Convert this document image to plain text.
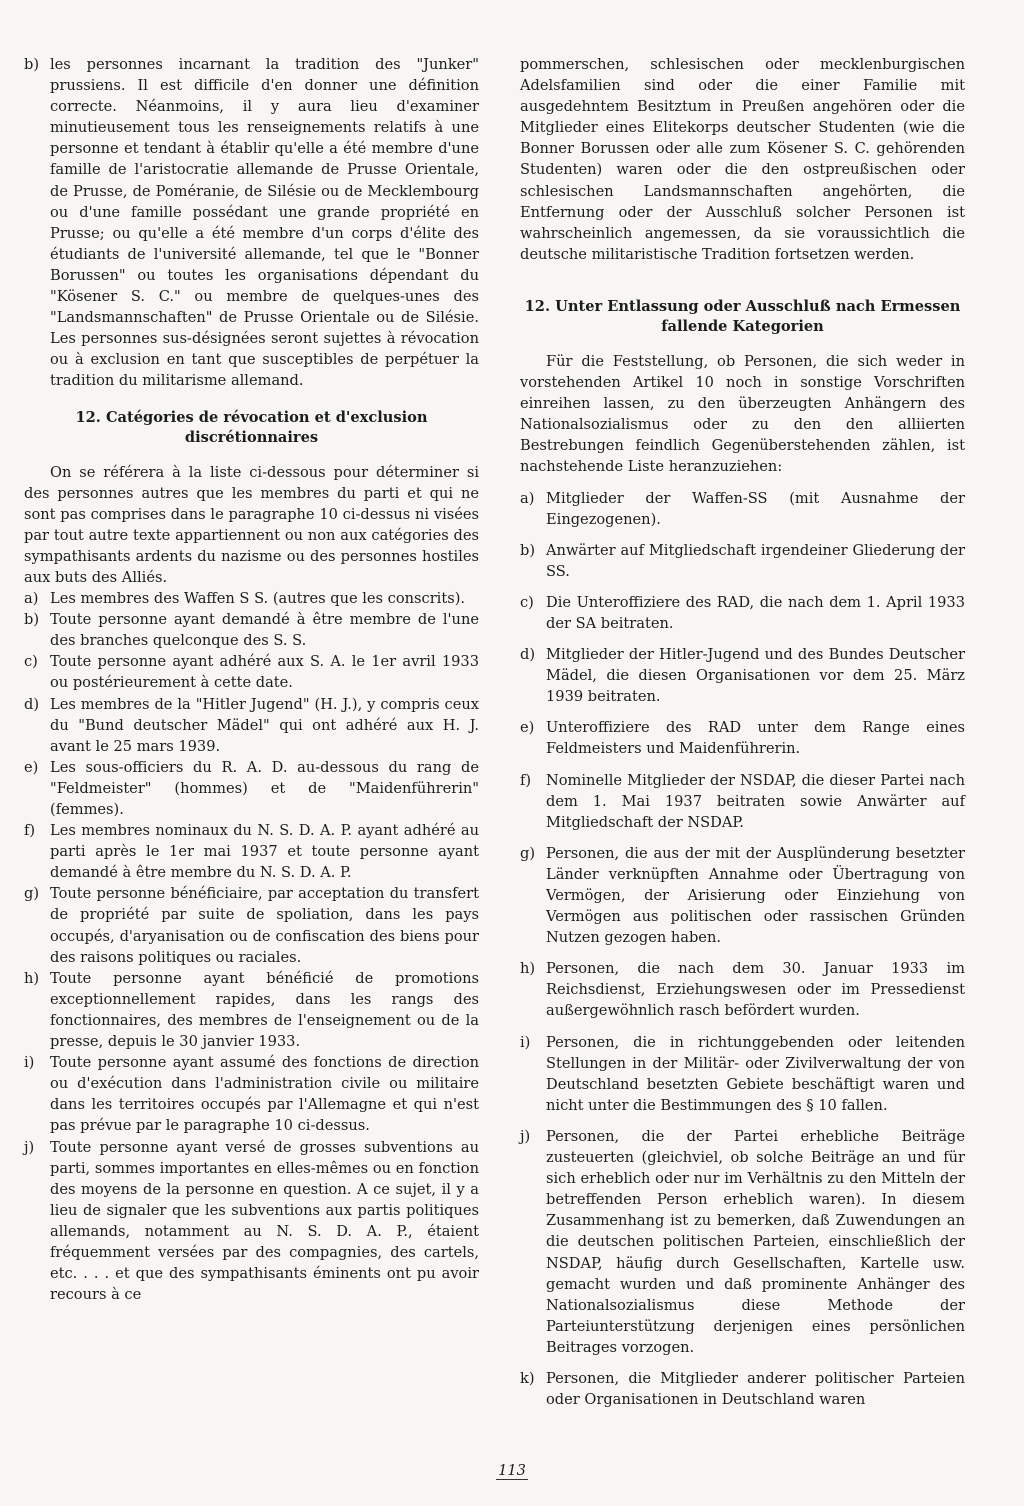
b) les personnes incarnant la tradition des "Junker" prussiens. Il est difficile d'en donner une définition correcte. Néanmoins, il y aura lieu d'examiner minutieusement tous les renseignements relatifs à une personne et tendant à établir qu'elle a été membre d'une famille de l'aristocratie allemande de Prusse Orientale, de Prusse, de Poméranie, de Silésie ou de Mecklembourg ou d'une famille possédant une grande propriété en Prusse; ou qu'elle a été membre d'un corps d'élite des étudiants de l'université allemande, tel que le "Bonner Borussen" ou toutes les organisations dépendant du "Kösener S. C." ou membre de quelques-unes des "Landsmannschaften" de Prusse Orientale ou de Silésie. Les personnes sus-désignées seront sujettes à révocation ou à exclusion en tant que susceptibles de perpétuer la tradition du militarisme allemand.
12. Catégories de révocation et d'exclusion discrétionnaires
On se référera à la liste ci-dessous pour déterminer si des personnes autres que les membres du parti et qui ne sont pas comprises dans le paragraphe 10 ci-dessus ni visées par tout autre texte appartiennent ou non aux catégories des sympathisants ardents du nazisme ou des personnes hostiles aux buts des Alliés.
a) Les membres des Waffen S S. (autres que les conscrits).
b) Toute personne ayant demandé à être membre de l'une des branches quelconque des S. S.
c) Toute personne ayant adhéré aux S. A. le 1er avril 1933 ou postérieurement à cette date.
d) Les membres de la "Hitler Jugend" (H. J.), y compris ceux du "Bund deutscher Mädel" qui ont adhéré aux H. J. avant le 25 mars 1939.
e) Les sous-officiers du R. A. D. au-dessous du rang de "Feldmeister" (hommes) et de "Maidenführerin" (femmes).
f)	Les membres nominaux du N. S. D. A. P. ayant adhéré au parti après le 1er mai 1937 et toute personne ayant demandé à être membre du N. S. D. A. P.
g) Toute personne bénéficiaire, par acceptation du transfert de propriété par suite de spoliation, dans les pays occupés, d'aryanisation ou de confiscation des biens pour des raisons politiques ou raciales.
h) Toute personne ayant bénéficié de promotions exceptionnellement rapides, dans les rangs des fonctionnaires, des membres de l'enseignement ou de la presse, depuis le 30 janvier 1933.
i)	Toute personne ayant assumé des fonctions de direction ou d'exécution dans l'administration civile ou militaire dans les territoires occupés par l'Allemagne et qui n'est pas prévue par le paragraphe 10 ci-dessus.
j)	Toute personne ayant versé de grosses subventions au parti, sommes importantes en elles-mêmes ou en fonction des moyens de la personne en question. A ce sujet, il y a lieu de signaler que les subventions aux partis politiques allemands, notamment au N. S. D. A. P., étaient fréquemment versées par des compagnies, des cartels, etc. . . . et que des sympathisants éminents ont pu avoir recours à ce
pommerschen, schlesischen oder mecklenburgischen Adelsfamilien sind oder die einer Familie mit ausgedehntem Besitztum in Preußen angehören oder die Mitglieder eines Elitekorps deutscher Studenten (wie die Bonner Borussen oder alle zum Kösener S. C. gehörenden Studenten) waren oder die den ostpreußischen oder schlesischen Landsmannschaften angehörten, die Entfernung oder der Ausschluß solcher Personen ist wahrscheinlich angemessen, da sie voraussichtlich die deutsche militaristische Tradition fortsetzen werden.
12. Unter Entlassung oder Ausschluß nach Ermessen fallende Kategorien
Für die Feststellung, ob Personen, die sich weder in vorstehenden Artikel 10 noch in sonstige Vorschriften einreihen lassen, zu den überzeugten Anhängern des Nationalsozialismus oder zu den den alliierten Bestrebungen feindlich Gegenüberstehenden zählen, ist nachstehende Liste heranzuziehen:
a) Mitglieder der Waffen-SS (mit Ausnahme der Eingezogenen).
b) Anwärter auf Mitgliedschaft irgendeiner Gliederung der SS.
c) Die Unteroffiziere des RAD, die nach dem 1. April 1933 der SA beitraten.
d) Mitglieder der Hitler-Jugend und des Bundes Deutscher Mädel, die diesen Organisationen vor dem 25. März 1939 beitraten.
e) Unteroffiziere des RAD unter dem Range eines Feldmeisters und Maidenführerin.
f)	Nominelle Mitglieder der NSDAP, die dieser Partei nach dem 1. Mai 1937 beitraten sowie Anwärter auf Mitgliedschaft der NSDAP.
g) Personen, die aus der mit der Ausplünderung besetzter Länder verknüpften Annahme oder Übertragung von Vermögen, der Arisierung oder Einziehung von Vermögen aus politischen oder rassischen Gründen Nutzen gezogen haben.
h) Personen, die nach dem 30. Januar 1933 im Reichsdienst, Erziehungswesen oder im Pressedienst außergewöhnlich rasch befördert wurden.
i)	Personen, die in richtunggebenden oder leitenden Stellungen in der Militär- oder Zivilverwaltung der von Deutschland besetzten Gebiete beschäftigt waren und nicht unter die Bestimmungen des § 10 fallen.
j)	Personen, die der Partei erhebliche Beiträge zusteuerten (gleichviel, ob solche Beiträge an und für sich erheblich oder nur im Verhältnis zu den Mitteln der betreffenden Person erheblich waren). In diesem Zusammenhang ist zu bemerken, daß Zuwendungen an die deutschen politischen Parteien, einschließlich der NSDAP, häufig durch Gesellschaften, Kartelle usw. gemacht wurden und daß prominente Anhänger des Nationalsozialismus diese Methode der Parteiunterstützung derjenigen eines persönlichen Beitrages vorzogen.
k) Personen, die Mitglieder anderer politischer Parteien oder Organisationen in Deutschland waren
113
